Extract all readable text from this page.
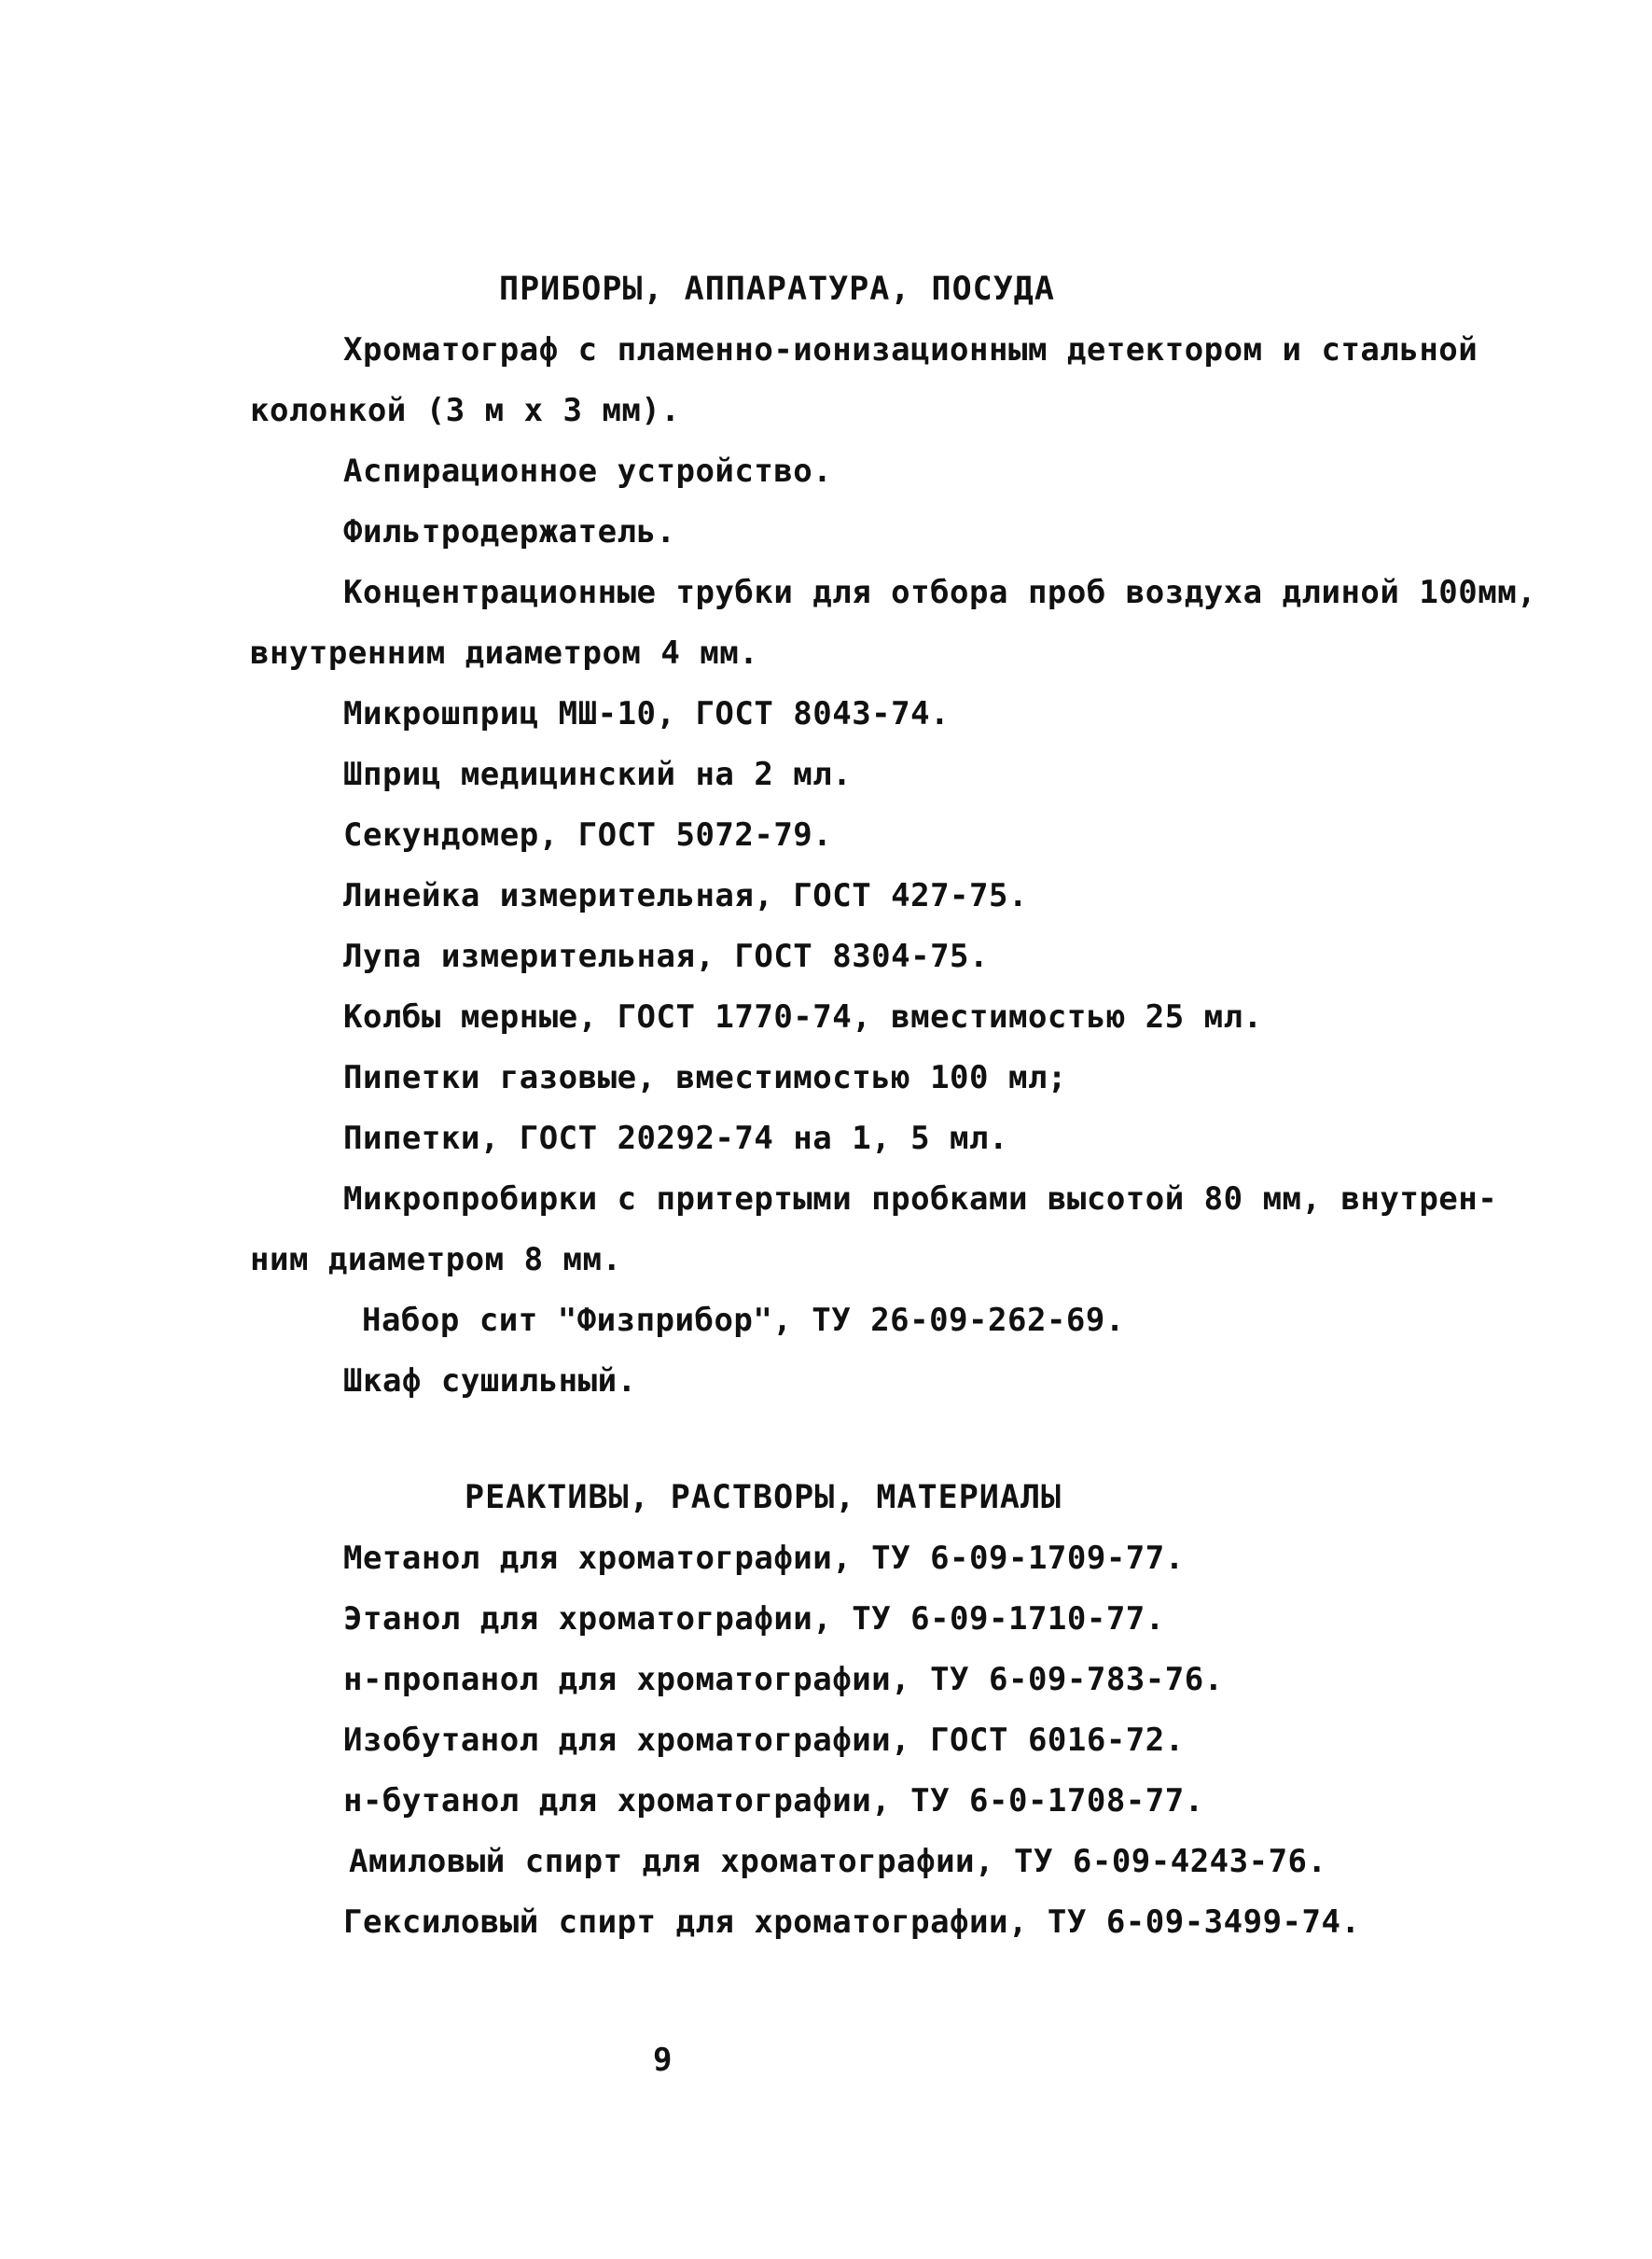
ПРИБОРЫ, АППАРАТУРА, ПОСУДА
Хроматограф с пламенно-ионизационным детектором и стальной
колонкой (3 м х 3 мм).
Аспирационное устройство.
Фильтродержатель.
Концентрационные трубки для отбора проб воздуха длиной 100мм,
внутренним диаметром 4 мм.
Микрошприц МШ-10, ГОСТ 8043-74.
Шприц медицинский на 2 мл.
Секундомер, ГОСТ 5072-79.
Линейка измерительная, ГОСТ 427-75.
Лупа измерительная, ГОСТ 8304-75.
Колбы мерные, ГОСТ 1770-74, вместимостью 25 мл.
Пипетки газовые, вместимостью 100 мл;
Пипетки, ГОСТ 20292-74 на 1, 5 мл.
Микропробирки с притертыми пробками высотой 80 мм, внутрен-
ним диаметром 8 мм.
Набор сит "Физприбор", ТУ 26-09-262-69.
Шкаф сушильный.
РЕАКТИВЫ, РАСТВОРЫ, МАТЕРИАЛЫ
Метанол для хроматографии, ТУ 6-09-1709-77.
Этанол для хроматографии, ТУ 6-09-1710-77.
н-пропанол для хроматографии, ТУ 6-09-783-76.
Изобутанол для хроматографии, ГОСТ 6016-72.
н-бутанол для хроматографии, ТУ 6-0-1708-77.
Амиловый спирт для хроматографии, ТУ 6-09-4243-76.
Гексиловый спирт для хроматографии, ТУ 6-09-3499-74.
9
